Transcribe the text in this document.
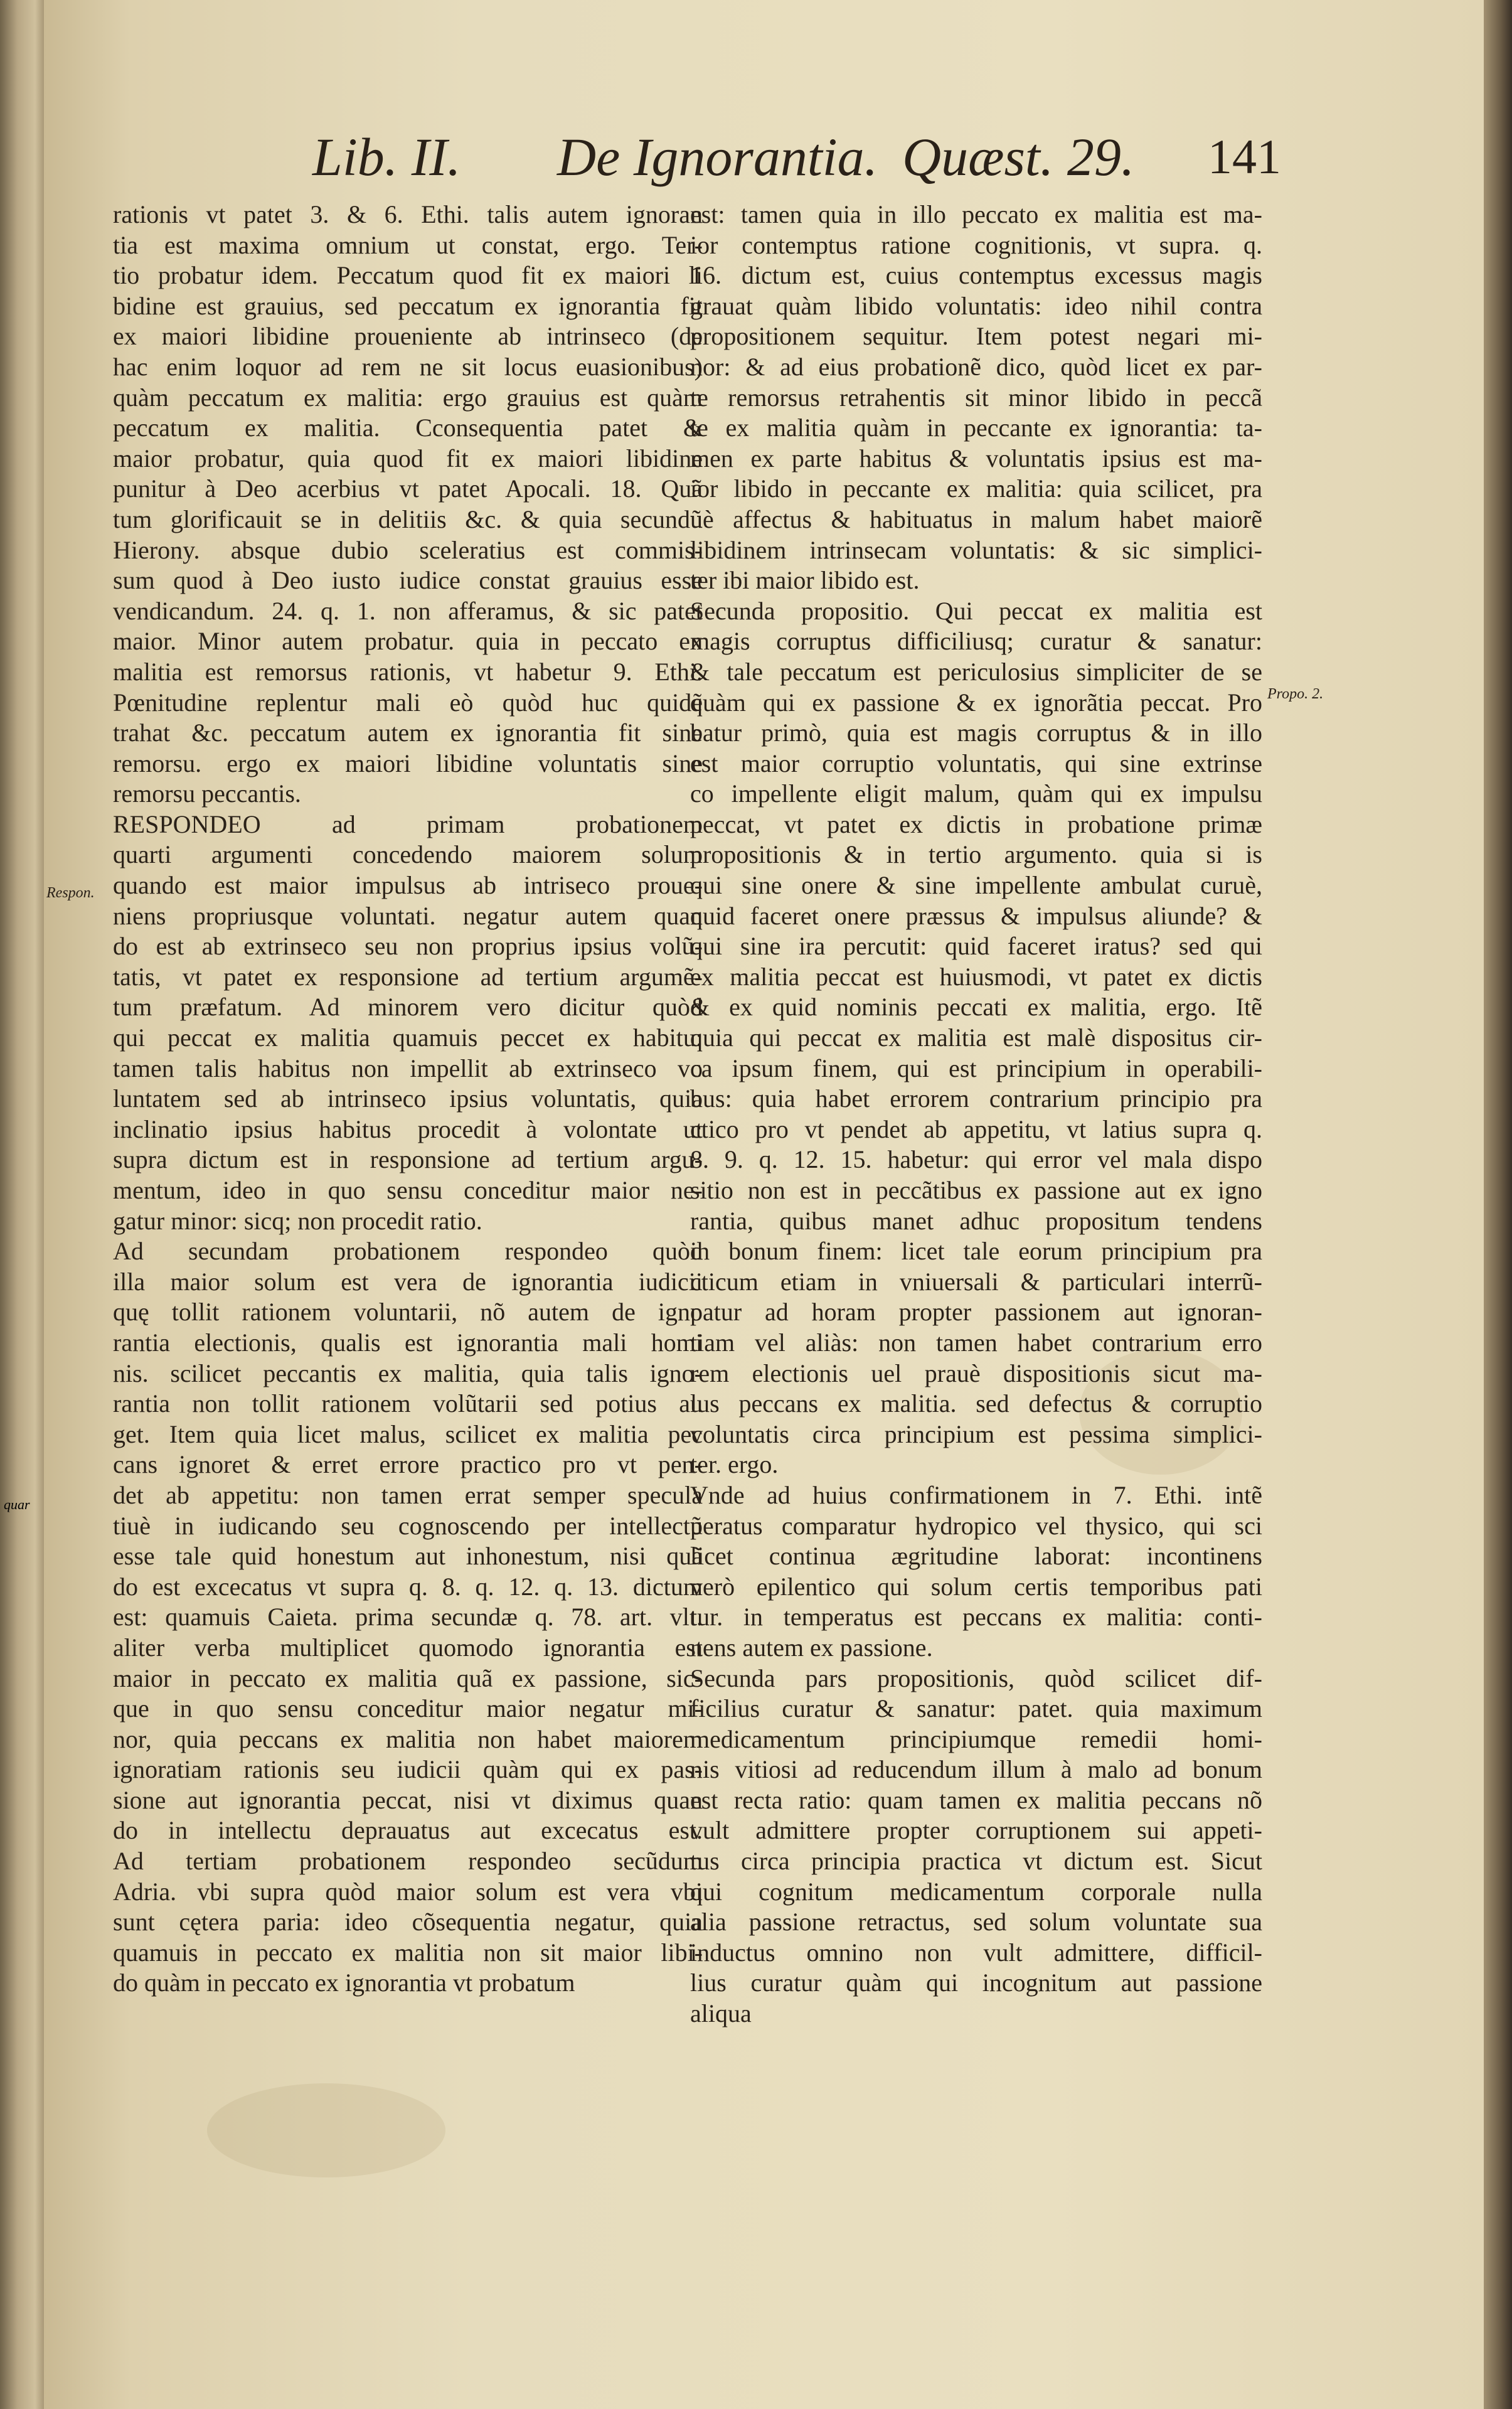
quar
Lib. II. De Ignorantia. Quæst. 29. 141
Respon.
Propo. 2.
rationis vt patet 3. & 6. Ethi. talis autem ignoran
tia est maxima omnium ut constat, ergo. Ter-
tio probatur idem. Peccatum quod fit ex maiori li
bidine est grauius, sed peccatum ex ignorantia fit
ex maiori libidine proueniente ab intrinseco (de
hac enim loquor ad rem ne sit locus euasionibus)
quàm peccatum ex malitia: ergo grauius est quàm
peccatum ex malitia. Cconsequentia patet &
maior probatur, quia quod fit ex maiori libidine
punitur à Deo acerbius vt patet Apocali. 18. Quã
tum glorificauit se in delitiis &c. & quia secundũ
Hierony. absque dubio sceleratius est commis-
sum quod à Deo iusto iudice constat grauius esse
vendicandum. 24. q. 1. non afferamus, & sic patet
maior. Minor autem probatur. quia in peccato ex
malitia est remorsus rationis, vt habetur 9. Ethi.
Pœnitudine replentur mali eò quòd huc quidẽ
trahat &c. peccatum autem ex ignorantia fit sine
remorsu. ergo ex maiori libidine voluntatis sine
remorsu peccantis.
RESPONDEO ad primam probationem
quarti argumenti concedendo maiorem solum
quando est maior impulsus ab intriseco proue-
niens propriusque voluntati. negatur autem quan
do est ab extrinseco seu non proprius ipsius volũ-
tatis, vt patet ex responsione ad tertium argumẽ-
tum præfatum. Ad minorem vero dicitur quòd
qui peccat ex malitia quamuis peccet ex habitu:
tamen talis habitus non impellit ab extrinseco vo
luntatem sed ab intrinseco ipsius voluntatis, quia
inclinatio ipsius habitus procedit à volontate ut
supra dictum est in responsione ad tertium argu-
mentum, ideo in quo sensu conceditur maior ne-
gatur minor: sicq; non procedit ratio.
Ad secundam probationem respondeo quòd
illa maior solum est vera de ignorantia iudicii
quę tollit rationem voluntarii, nõ autem de igno
rantia electionis, qualis est ignorantia mali homi
nis. scilicet peccantis ex malitia, quia talis igno-
rantia non tollit rationem volũtarii sed potius au
get. Item quia licet malus, scilicet ex malitia pec
cans ignoret & erret errore practico pro vt pen-
det ab appetitu: non tamen errat semper specula
tiuè in iudicando seu cognoscendo per intellectũ
esse tale quid honestum aut inhonestum, nisi quã
do est excecatus vt supra q. 8. q. 12. q. 13. dictum
est: quamuis Caieta. prima secundæ q. 78. art. vlt.
aliter verba multiplicet quomodo ignorantia est
maior in peccato ex malitia quã ex passione, sic-
que in quo sensu conceditur maior negatur mi-
nor, quia peccans ex malitia non habet maiorem
ignoratiam rationis seu iudicii quàm qui ex pas-
sione aut ignorantia peccat, nisi vt diximus quan
do in intellectu deprauatus aut excecatus est.
Ad tertiam probationem respondeo secũdum
Adria. vbi supra quòd maior solum est vera vbi
sunt cętera paria: ideo cõsequentia negatur, quia
quamuis in peccato ex malitia non sit maior libi-
do quàm in peccato ex ignorantia vt probatum
est: tamen quia in illo peccato ex malitia est ma-
ior contemptus ratione cognitionis, vt supra. q.
16. dictum est, cuius contemptus excessus magis
grauat quàm libido voluntatis: ideo nihil contra
propositionem sequitur. Item potest negari mi-
nor: & ad eius probationẽ dico, quòd licet ex par-
te remorsus retrahentis sit minor libido in peccã
te ex malitia quàm in peccante ex ignorantia: ta-
men ex parte habitus & voluntatis ipsius est ma-
ior libido in peccante ex malitia: quia scilicet, pra
uè affectus & habituatus in malum habet maiorẽ
libidinem intrinsecam voluntatis: & sic simplici-
ter ibi maior libido est.
Secunda propositio. Qui peccat ex malitia est
magis corruptus difficiliusq; curatur & sanatur:
& tale peccatum est periculosius simpliciter de se
quàm qui ex passione & ex ignorãtia peccat. Pro
batur primò, quia est magis corruptus & in illo
est maior corruptio voluntatis, qui sine extrinse
co impellente eligit malum, quàm qui ex impulsu
peccat, vt patet ex dictis in probatione primæ
propositionis & in tertio argumento. quia si is
qui sine onere & sine impellente ambulat curuè,
quid faceret onere præssus & impulsus aliunde? &
qui sine ira percutit: quid faceret iratus? sed qui
ex malitia peccat est huiusmodi, vt patet ex dictis
& ex quid nominis peccati ex malitia, ergo. Itẽ
quia qui peccat ex malitia est malè dispositus cir-
ca ipsum finem, qui est principium in operabili-
bus: quia habet errorem contrarium principio pra
ctico pro vt pendet ab appetitu, vt latius supra q.
8. 9. q. 12. 15. habetur: qui error vel mala dispo
sitio non est in peccãtibus ex passione aut ex igno
rantia, quibus manet adhuc propositum tendens
in bonum finem: licet tale eorum principium pra
cticum etiam in vniuersali & particulari interrũ-
patur ad horam propter passionem aut ignoran-
tiam vel aliàs: non tamen habet contrarium erro
rem electionis uel prauè dispositionis sicut ma-
lus peccans ex malitia. sed defectus & corruptio
voluntatis circa principium est pessima simplici-
ter. ergo.
Vnde ad huius confirmationem in 7. Ethi. intẽ
peratus comparatur hydropico vel thysico, qui sci
licet continua ægritudine laborat: incontinens
verò epilentico qui solum certis temporibus pati
tur. in temperatus est peccans ex malitia: conti-
nens autem ex passione.
Secunda pars propositionis, quòd scilicet dif-
ficilius curatur & sanatur: patet. quia maximum
medicamentum principiumque remedii homi-
nis vitiosi ad reducendum illum à malo ad bonum
est recta ratio: quam tamen ex malitia peccans nõ
vult admittere propter corruptionem sui appeti-
tus circa principia practica vt dictum est. Sicut
qui cognitum medicamentum corporale nulla
alia passione retractus, sed solum voluntate sua
inductus omnino non vult admittere, difficil-
lius curatur quàm qui incognitum aut passione
aliqua
